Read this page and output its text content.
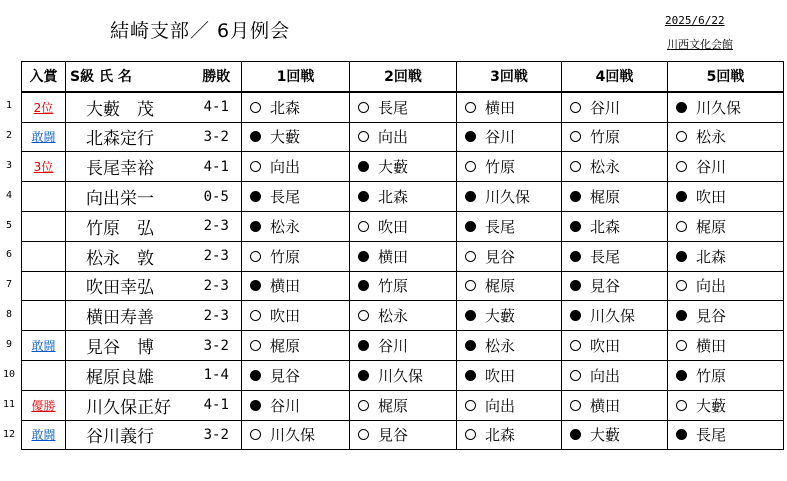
結崎支部／ 6月例会	2025/6/22
川西文化会館
1
2
3
4
5
6
7
8
9
10
11
12
入賞	S級 氏 名	勝敗	1回戦	2回戦	3回戦	4回戦	5回戦
2位	大藪　茂	4-1	北森	長尾	横田	谷川	川久保
敢闘	北森定行	3-2	大藪	向出	谷川	竹原	松永
3位	長尾幸裕	4-1	向出	大藪	竹原	松永	谷川
	向出栄一	0-5	長尾	北森	川久保	梶原	吹田
	竹原　弘	2-3	松永	吹田	長尾	北森	梶原
	松永　敦	2-3	竹原	横田	見谷	長尾	北森
	吹田幸弘	2-3	横田	竹原	梶原	見谷	向出
	横田寿善	2-3	吹田	松永	大藪	川久保	見谷
敢闘	見谷　博	3-2	梶原	谷川	松永	吹田	横田
	梶原良雄	1-4	見谷	川久保	吹田	向出	竹原
優勝	川久保正好	4-1	谷川	梶原	向出	横田	大藪
敢闘	谷川義行	3-2	川久保	見谷	北森	大藪	長尾
